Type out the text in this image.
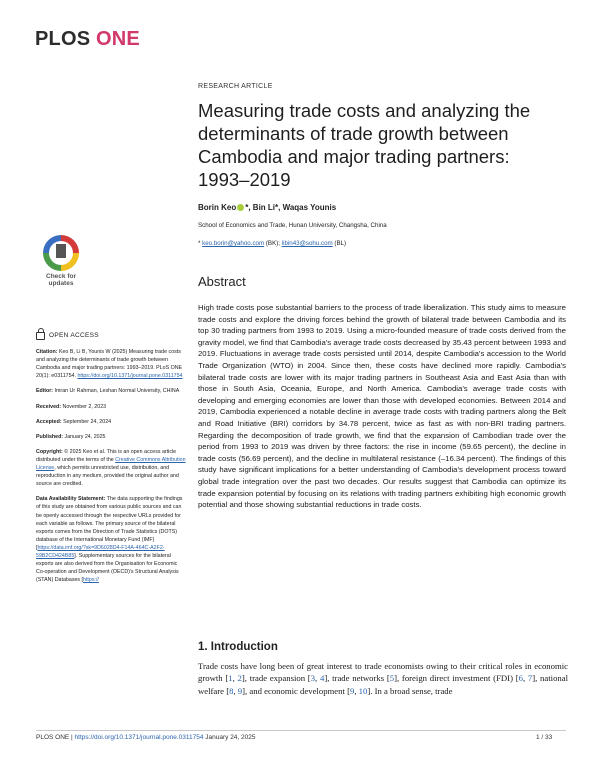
PLOS ONE
RESEARCH ARTICLE
Measuring trade costs and analyzing the determinants of trade growth between Cambodia and major trading partners: 1993–2019
Borin Keo *, Bin Li*, Waqas Younis
School of Economics and Trade, Hunan University, Changsha, China
* keo.borin@yahoo.com (BK); libin43@sohu.com (BL)
Check for
updates	Abstract
High trade costs pose substantial barriers to the process of trade liberalization. This study aims to measure trade costs and explore the driving forces behind the growth of bilateral trade between Cambodia and its top 30 trading partners from 1993 to 2019. Using a micro-founded measure of trade costs derived from the gravity model, we find that Cambodia's average trade costs decreased by 35.43 percent between 1993 and 2019. Fluctuations in average trade costs persisted until 2014, despite Cambodia's accession to the World Trade Organization (WTO) in 2004. Since then, these costs have declined more rapidly. Cambodia's bilateral trade costs are lower with its major trading partners in Southeast Asia and East Asia than with those in South Asia, Oceania, Europe, and North America. Cambodia's average trade costs with developing and emerging economies are lower than those with developed economies. Between 2014 and 2019, Cambodia experienced a notable decline in average trade costs with trading partners along the Belt and Road Initiative (BRI) corridors by 34.78 percent, twice as fast as with non-BRI trading partners. Regarding the decomposition of trade growth, we find that the expansion of Cambodian trade over the period from 1993 to 2019 was driven by three factors: the rise in income (59.65 percent), the decline in trade costs (56.69 percent), and the decline in multilateral resistance (–16.34 percent). The findings of this study have significant implications for a better understanding of Cambodia's development process toward global trade integration over the past two decades. Our results suggest that Cambodia can optimize its trade expansion potential by focusing on its relations with trading partners exhibiting high economic growth potential and those showing substantial reductions in trade costs.
OPEN ACCESS

Citation: Keo B, Li B, Younis W (2025) Measuring trade costs and analyzing the determinants of trade growth between Cambodia and major trading partners: 1993–2019. PLoS ONE 20(1): e0311754. https://doi.org/10.1371/journal.pone.0311754

Editor: Imran Ur Rahman, Leshan Normal University, CHINA

Received: November 2, 2023

Accepted: September 24, 2024

Published: January 24, 2025

Copyright: © 2025 Keo et al. This is an open access article distributed under the terms of the Creative Commons Attribution License, which permits unrestricted use, distribution, and reproduction in any medium, provided the original author and source are credited.

Data Availability Statement: The data supporting the findings of this study are obtained from various public sources and can be openly accessed through the respective URLs provided for each variable as follows. The primary source of the bilateral exports comes from the Direction of Trade Statistics (DOTS) database of the International Monetary Fund (IMF) [https://data.imf.org/?sk=9D6028D4-F14A-464C-A2F2-59B2CD424B85]. Supplementary sources for the bilateral exports are also derived from the Organisation for Economic Co-operation and Development (OECD)'s Structural Analysis (STAN) Databases [https://

1. Introduction
Trade costs have long been of great interest to trade economists owing to their critical roles in economic growth [1, 2], trade expansion [3, 4], trade networks [5], foreign direct investment (FDI) [6, 7], national welfare [8, 9], and economic development [9, 10]. In a broad sense, trade
PLOS ONE | https://doi.org/10.1371/journal.pone.0311754 January 24, 2025	1 / 33
